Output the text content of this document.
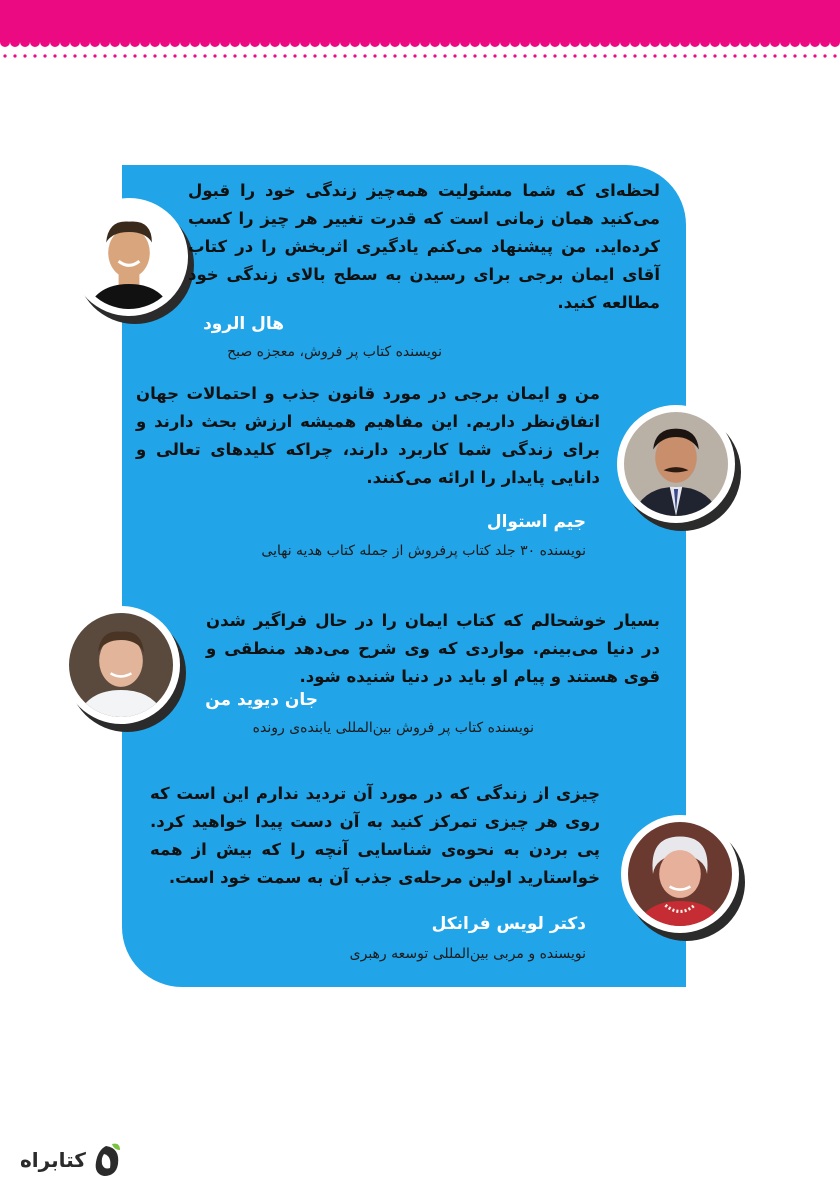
لحظه‌ای که شما مسئولیت همه‌چیز زندگی خود را قبول می‌کنید همان زمانی است که قدرت تغییر هر چیز را کسب کرده‌اید. من پیشنهاد می‌کنم یادگیری اثربخش را در کتاب آقای ایمان برجی برای رسیدن به سطح بالای زندگی خود مطالعه کنید.

هال الرود

نویسنده کتاب پر فروش، معجزه صبح

من و ایمان برجی در مورد قانون جذب و احتمالات جهان اتفاق‌نظر داریم. این مفاهیم همیشه ارزش بحث دارند و برای زندگی شما کاربرد دارند، چراکه کلیدهای تعالی و دانایی پایدار را ارائه می‌کنند.

جیم استوال

نویسنده ۳۰ جلد کتاب پرفروش از جمله کتاب هدیه نهایی

بسیار خوشحالم که کتاب ایمان را در حال فراگیر شدن در دنیا می‌بینم. مواردی که وی شرح می‌دهد منطقی و قوی هستند و پیام او باید در دنیا شنیده شود.

جان دیوید من

نویسنده کتاب پر فروش بین‌المللی یابنده‌ی رونده

چیزی از زندگی که در مورد آن تردید ندارم این است که روی هر چیزی تمرکز کنید به آن دست پیدا خواهید کرد. پی بردن به نحوه‌ی شناسایی آنچه را که بیش از همه خواستارید اولین مرحله‌ی جذب آن به سمت خود است.

دکتر لویس فرانکل

نویسنده و مربی بین‌المللی توسعه رهبری

کتابراه
